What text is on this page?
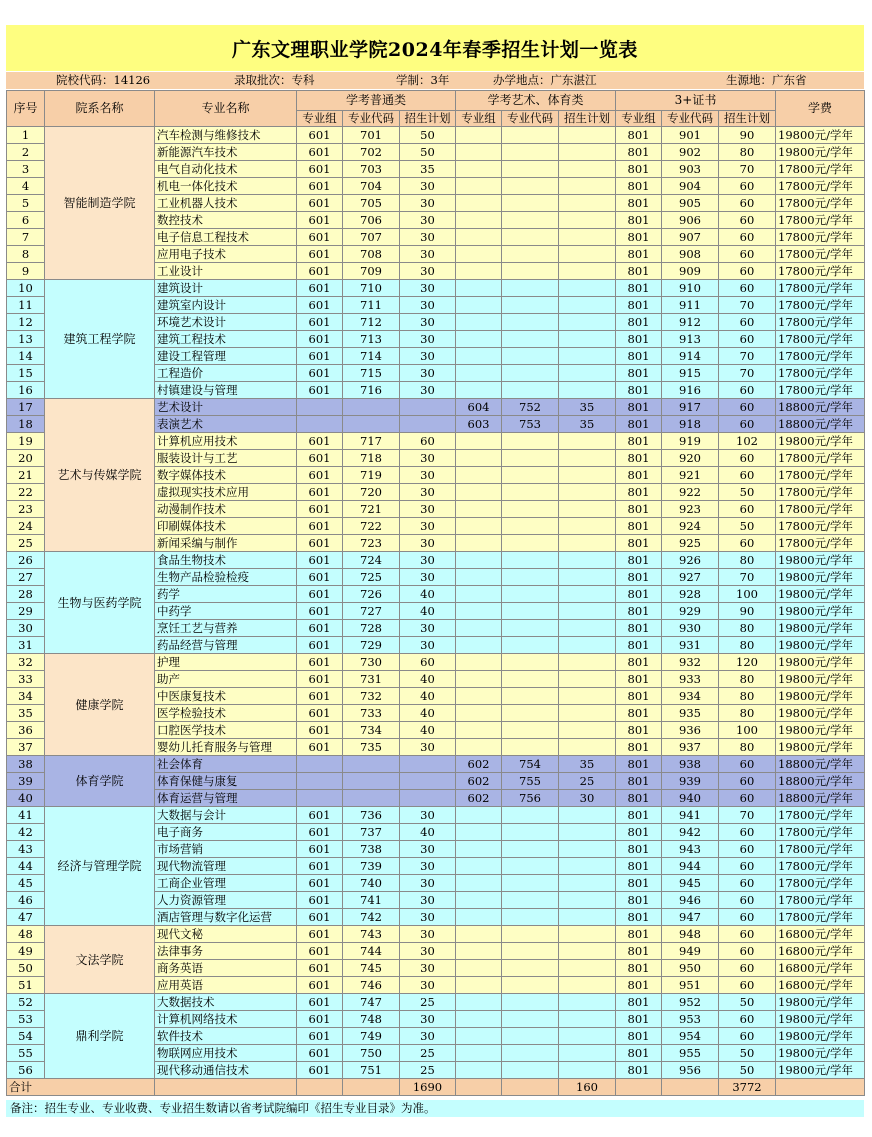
广东文理职业学院2024年春季招生计划一览表
院校代码：14126	录取批次：专科	学制：3年	办学地点：广东湛江	生源地：广东省
序号	院系名称	专业名称	学考普通类			学考艺术、体育类			3+证书			学费
			专业组	专业代码	招生计划	专业组	专业代码	招生计划	专业组	专业代码	招生计划	
1	智能制造学院	汽车检测与维修技术	601	701	50				801	901	90	19800元/学年
2		新能源汽车技术	601	702	50				801	902	80	19800元/学年
3		电气自动化技术	601	703	35				801	903	70	17800元/学年
4		机电一体化技术	601	704	30				801	904	60	17800元/学年
5		工业机器人技术	601	705	30				801	905	60	17800元/学年
6		数控技术	601	706	30				801	906	60	17800元/学年
7		电子信息工程技术	601	707	30				801	907	60	17800元/学年
8		应用电子技术	601	708	30				801	908	60	17800元/学年
9		工业设计	601	709	30				801	909	60	17800元/学年
10	建筑工程学院	建筑设计	601	710	30				801	910	60	17800元/学年
11		建筑室内设计	601	711	30				801	911	70	17800元/学年
12		环境艺术设计	601	712	30				801	912	60	17800元/学年
13		建筑工程技术	601	713	30				801	913	60	17800元/学年
14		建设工程管理	601	714	30				801	914	70	17800元/学年
15		工程造价	601	715	30				801	915	70	17800元/学年
16		村镇建设与管理	601	716	30				801	916	60	17800元/学年
17	艺术与传媒学院	艺术设计				604	752	35	801	917	60	18800元/学年
18		表演艺术				603	753	35	801	918	60	18800元/学年
19		计算机应用技术	601	717	60				801	919	102	19800元/学年
20		服装设计与工艺	601	718	30				801	920	60	17800元/学年
21		数字媒体技术	601	719	30				801	921	60	17800元/学年
22		虚拟现实技术应用	601	720	30				801	922	50	17800元/学年
23		动漫制作技术	601	721	30				801	923	60	17800元/学年
24		印刷媒体技术	601	722	30				801	924	50	17800元/学年
25		新闻采编与制作	601	723	30				801	925	60	17800元/学年
26	生物与医药学院	食品生物技术	601	724	30				801	926	80	19800元/学年
27		生物产品检验检疫	601	725	30				801	927	70	19800元/学年
28		药学	601	726	40				801	928	100	19800元/学年
29		中药学	601	727	40				801	929	90	19800元/学年
30		烹饪工艺与营养	601	728	30				801	930	80	19800元/学年
31		药品经营与管理	601	729	30				801	931	80	19800元/学年
32	健康学院	护理	601	730	60				801	932	120	19800元/学年
33		助产	601	731	40				801	933	80	19800元/学年
34		中医康复技术	601	732	40				801	934	80	19800元/学年
35		医学检验技术	601	733	40				801	935	80	19800元/学年
36		口腔医学技术	601	734	40				801	936	100	19800元/学年
37		婴幼儿托育服务与管理	601	735	30				801	937	80	19800元/学年
38	体育学院	社会体育				602	754	35	801	938	60	18800元/学年
39		体育保健与康复				602	755	25	801	939	60	18800元/学年
40		体育运营与管理				602	756	30	801	940	60	18800元/学年
41	经济与管理学院	大数据与会计	601	736	30				801	941	70	17800元/学年
42		电子商务	601	737	40				801	942	60	17800元/学年
43		市场营销	601	738	30				801	943	60	17800元/学年
44		现代物流管理	601	739	30				801	944	60	17800元/学年
45		工商企业管理	601	740	30				801	945	60	17800元/学年
46		人力资源管理	601	741	30				801	946	60	17800元/学年
47		酒店管理与数字化运营	601	742	30				801	947	60	17800元/学年
48	文法学院	现代文秘	601	743	30				801	948	60	16800元/学年
49		法律事务	601	744	30				801	949	60	16800元/学年
50		商务英语	601	745	30				801	950	60	16800元/学年
51		应用英语	601	746	30				801	951	60	16800元/学年
52	鼎利学院	大数据技术	601	747	25				801	952	50	19800元/学年
53		计算机网络技术	601	748	30				801	953	60	19800元/学年
54		软件技术	601	749	30				801	954	60	19800元/学年
55		物联网应用技术	601	750	25				801	955	50	19800元/学年
56		现代移动通信技术	601	751	25				801	956	50	19800元/学年
合计					1690			160			3772	
备注：招生专业、专业收费、专业招生数请以省考试院编印《招生专业目录》为准。
